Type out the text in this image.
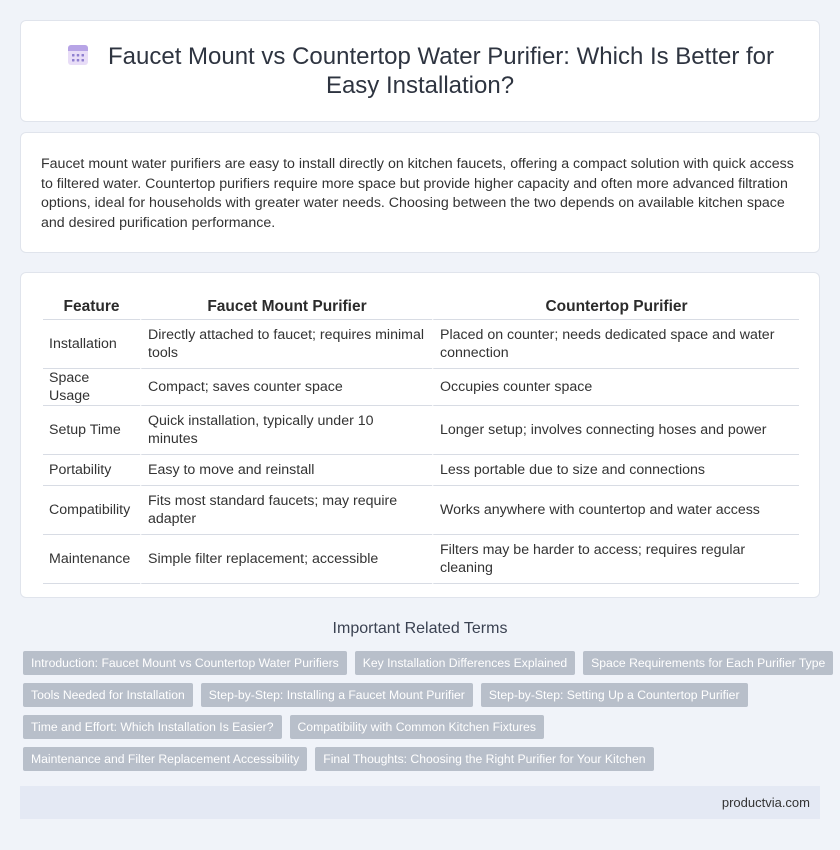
Faucet Mount vs Countertop Water Purifier: Which Is Better for Easy Installation?

Faucet mount water purifiers are easy to install directly on kitchen faucets, offering a compact solution with quick access to filtered water. Countertop purifiers require more space but provide higher capacity and often more advanced filtration options, ideal for households with greater water needs. Choosing between the two depends on available kitchen space and desired purification performance.

Feature	Faucet Mount Purifier	Countertop Purifier
Installation	Directly attached to faucet; requires minimal tools	Placed on counter; needs dedicated space and water connection
Space Usage	Compact; saves counter space	Occupies counter space
Setup Time	Quick installation, typically under 10 minutes	Longer setup; involves connecting hoses and power
Portability	Easy to move and reinstall	Less portable due to size and connections
Compatibility	Fits most standard faucets; may require adapter	Works anywhere with countertop and water access
Maintenance	Simple filter replacement; accessible	Filters may be harder to access; requires regular cleaning
Important Related Terms
Introduction: Faucet Mount vs Countertop Water Purifiers	Key Installation Differences Explained	Space Requirements for Each Purifier Type
Tools Needed for Installation	Step-by-Step: Installing a Faucet Mount Purifier	Step-by-Step: Setting Up a Countertop Purifier
Time and Effort: Which Installation Is Easier?	Compatibility with Common Kitchen Fixtures
Maintenance and Filter Replacement Accessibility	Final Thoughts: Choosing the Right Purifier for Your Kitchen
productvia.com
